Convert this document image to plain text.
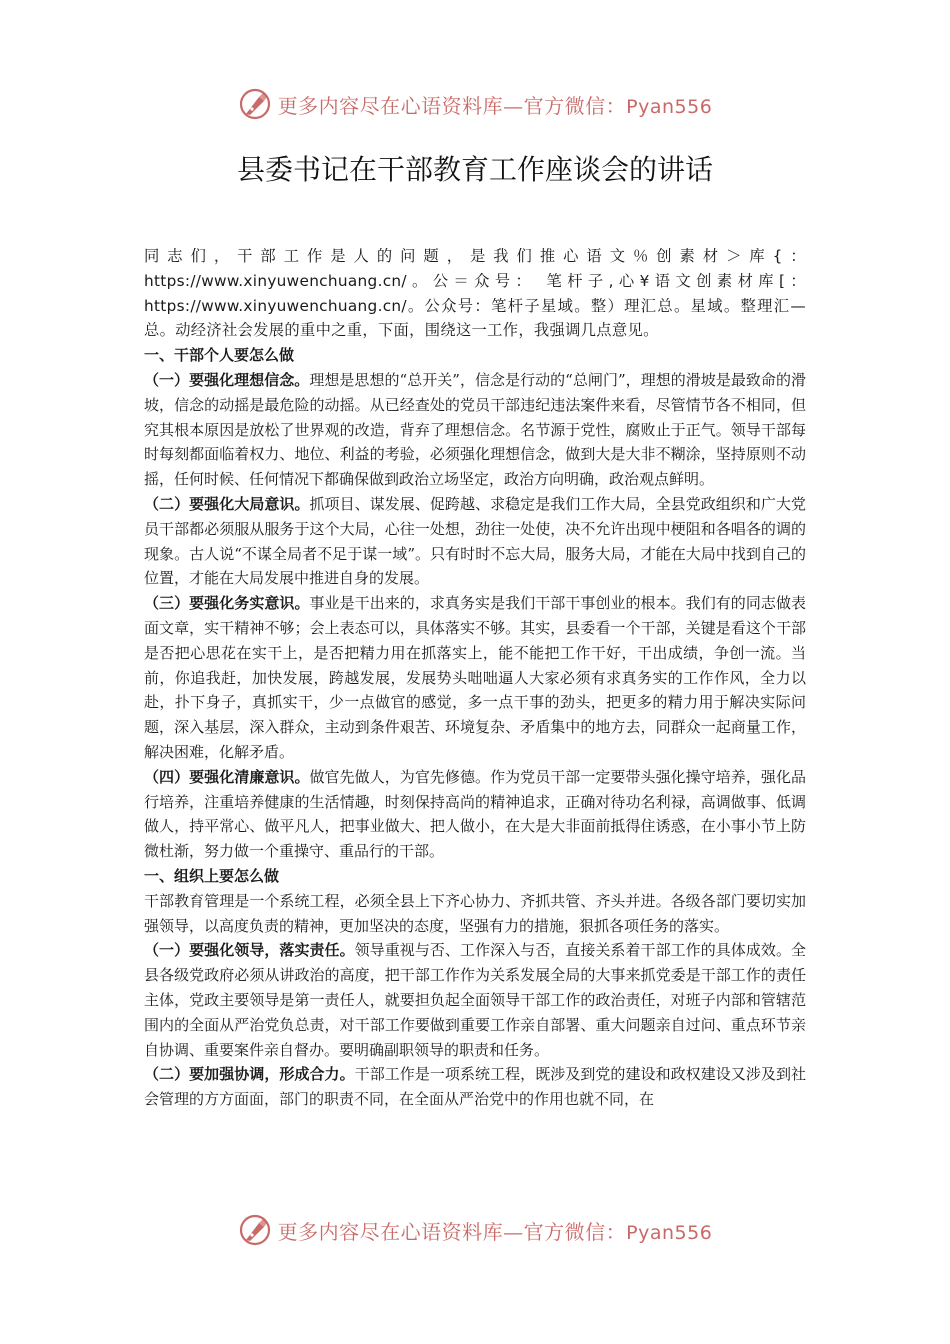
更多内容尽在心语资料库—官方微信：Pyan556
县委书记在干部教育工作座谈会的讲话

同志们，干部工作是人的问题，是我们推心语文％创素材＞库{： https://www.xinyuwenchuang.cn/。公＝众号： 笔杆子,心¥语文创素材库[： https://www.xinyuwenchuang.cn/。公众号：笔杆子星域。整）理汇总。星域。整理汇—总。动经济社会发展的重中之重，下面，围绕这一工作，我强调几点意见。

一、干部个人要怎么做

（一）要强化理想信念。理想是思想的“总开关”，信念是行动的“总闸门”，理想的滑坡是最致命的滑坡，信念的动摇是最危险的动摇。从已经查处的党员干部违纪违法案件来看，尽管情节各不相同，但究其根本原因是放松了世界观的改造，背弃了理想信念。名节源于党性，腐败止于正气。领导干部每时每刻都面临着权力、地位、利益的考验，必须强化理想信念，做到大是大非不糊涂，坚持原则不动摇，任何时候、任何情况下都确保做到政治立场坚定，政治方向明确，政治观点鲜明。

（二）要强化大局意识。抓项目、谋发展、促跨越、求稳定是我们工作大局，全县党政组织和广大党员干部都必须服从服务于这个大局，心往一处想，劲往一处使，决不允许出现中梗阻和各唱各的调的现象。古人说“不谋全局者不足于谋一域”。只有时时不忘大局，服务大局，才能在大局中找到自己的位置，才能在大局发展中推进自身的发展。

（三）要强化务实意识。事业是干出来的，求真务实是我们干部干事创业的根本。我们有的同志做表面文章，实干精神不够；会上表态可以，具体落实不够。其实，县委看一个干部，关键是看这个干部是否把心思花在实干上，是否把精力用在抓落实上，能不能把工作干好，干出成绩，争创一流。当前，你追我赶，加快发展，跨越发展，发展势头咄咄逼人大家必须有求真务实的工作作风，全力以赴，扑下身子，真抓实干，少一点做官的感觉，多一点干事的劲头，把更多的精力用于解决实际问题，深入基层，深入群众，主动到条件艰苦、环境复杂、矛盾集中的地方去，同群众一起商量工作，解决困难，化解矛盾。

（四）要强化清廉意识。做官先做人，为官先修德。作为党员干部一定要带头强化操守培养，强化品行培养，注重培养健康的生活情趣，时刻保持高尚的精神追求，正确对待功名利禄，高调做事、低调做人，持平常心、做平凡人，把事业做大、把人做小，在大是大非面前抵得住诱惑，在小事小节上防微杜渐，努力做一个重操守、重品行的干部。

一、组织上要怎么做

干部教育管理是一个系统工程，必须全县上下齐心协力、齐抓共管、齐头并进。各级各部门要切实加强领导，以高度负责的精神，更加坚决的态度，坚强有力的措施，狠抓各项任务的落实。

（一）要强化领导，落实责任。领导重视与否、工作深入与否，直接关系着干部工作的具体成效。全县各级党政府必须从讲政治的高度，把干部工作作为关系发展全局的大事来抓党委是干部工作的责任主体，党政主要领导是第一责任人，就要担负起全面领导干部工作的政治责任，对班子内部和管辖范围内的全面从严治党负总责，对干部工作要做到重要工作亲自部署、重大问题亲自过问、重点环节亲自协调、重要案件亲自督办。要明确副职领导的职责和任务。

（二）要加强协调，形成合力。干部工作是一项系统工程，既涉及到党的建设和政权建设又涉及到社会管理的方方面面，部门的职责不同，在全面从严治党中的作用也就不同，在

更多内容尽在心语资料库—官方微信：Pyan556
